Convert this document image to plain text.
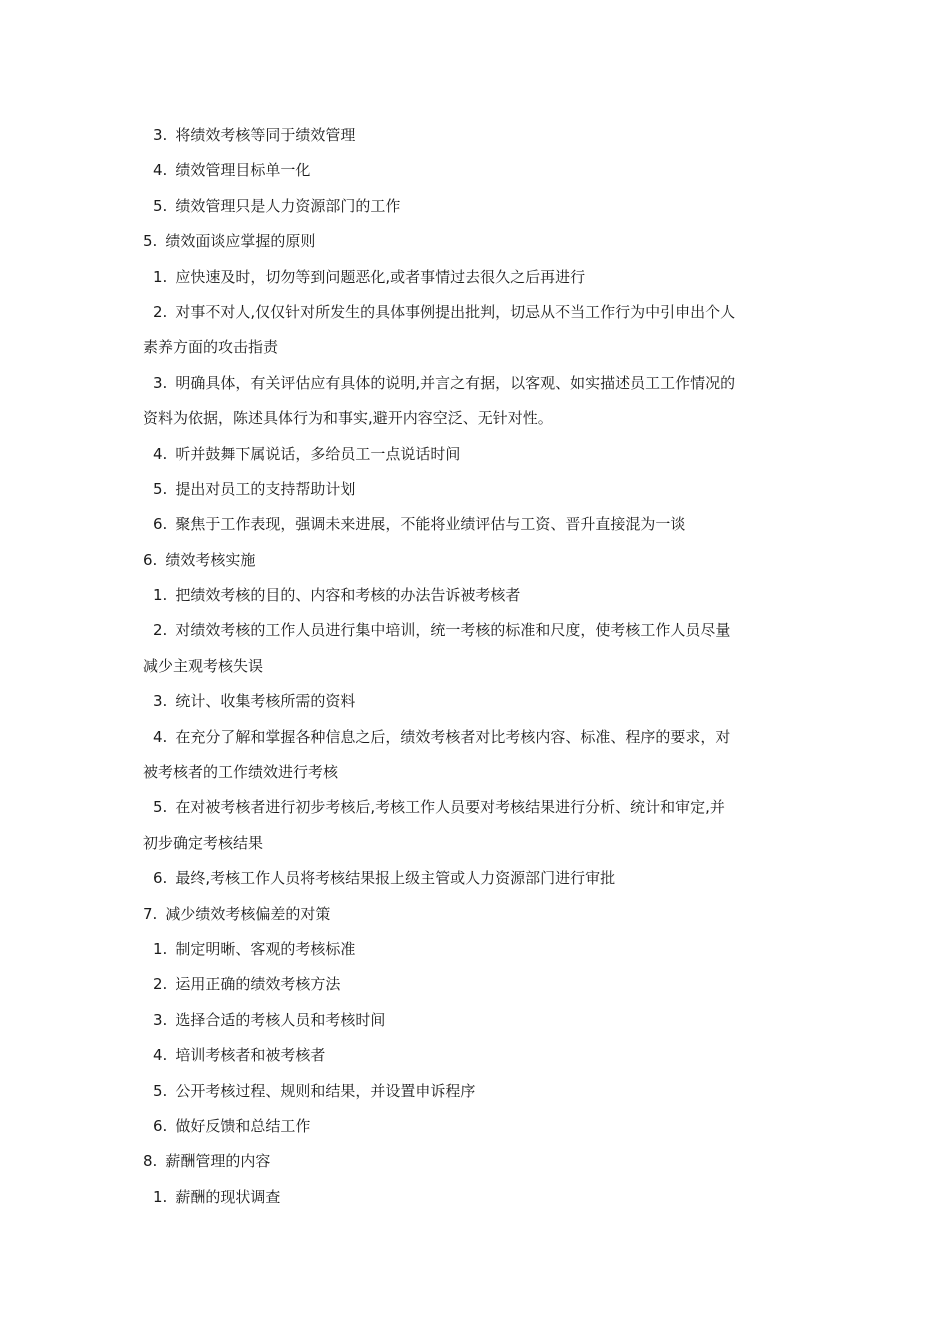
3. 将绩效考核等同于绩效管理
4. 绩效管理目标单一化
5. 绩效管理只是人力资源部门的工作
5. 绩效面谈应掌握的原则
1. 应快速及时，切勿等到问题恶化,或者事情过去很久之后再进行
2. 对事不对人,仅仅针对所发生的具体事例提出批判，切忌从不当工作行为中引申出个人
素养方面的攻击指责
3. 明确具体，有关评估应有具体的说明,并言之有据，以客观、如实描述员工工作情况的
资料为依据，陈述具体行为和事实,避开内容空泛、无针对性。
4. 听并鼓舞下属说话，多给员工一点说话时间
5. 提出对员工的支持帮助计划
6. 聚焦于工作表现，强调未来进展，不能将业绩评估与工资、晋升直接混为一谈
6. 绩效考核实施
1. 把绩效考核的目的、内容和考核的办法告诉被考核者
2. 对绩效考核的工作人员进行集中培训，统一考核的标准和尺度，使考核工作人员尽量
减少主观考核失误
3. 统计、收集考核所需的资料
4. 在充分了解和掌握各种信息之后，绩效考核者对比考核内容、标准、程序的要求，对
被考核者的工作绩效进行考核
5. 在对被考核者进行初步考核后,考核工作人员要对考核结果进行分析、统计和审定,并
初步确定考核结果
6. 最终,考核工作人员将考核结果报上级主管或人力资源部门进行审批
7. 减少绩效考核偏差的对策
1. 制定明晰、客观的考核标准
2. 运用正确的绩效考核方法
3. 选择合适的考核人员和考核时间
4. 培训考核者和被考核者
5. 公开考核过程、规则和结果，并设置申诉程序
6. 做好反馈和总结工作
8. 薪酬管理的内容
1. 薪酬的现状调查
